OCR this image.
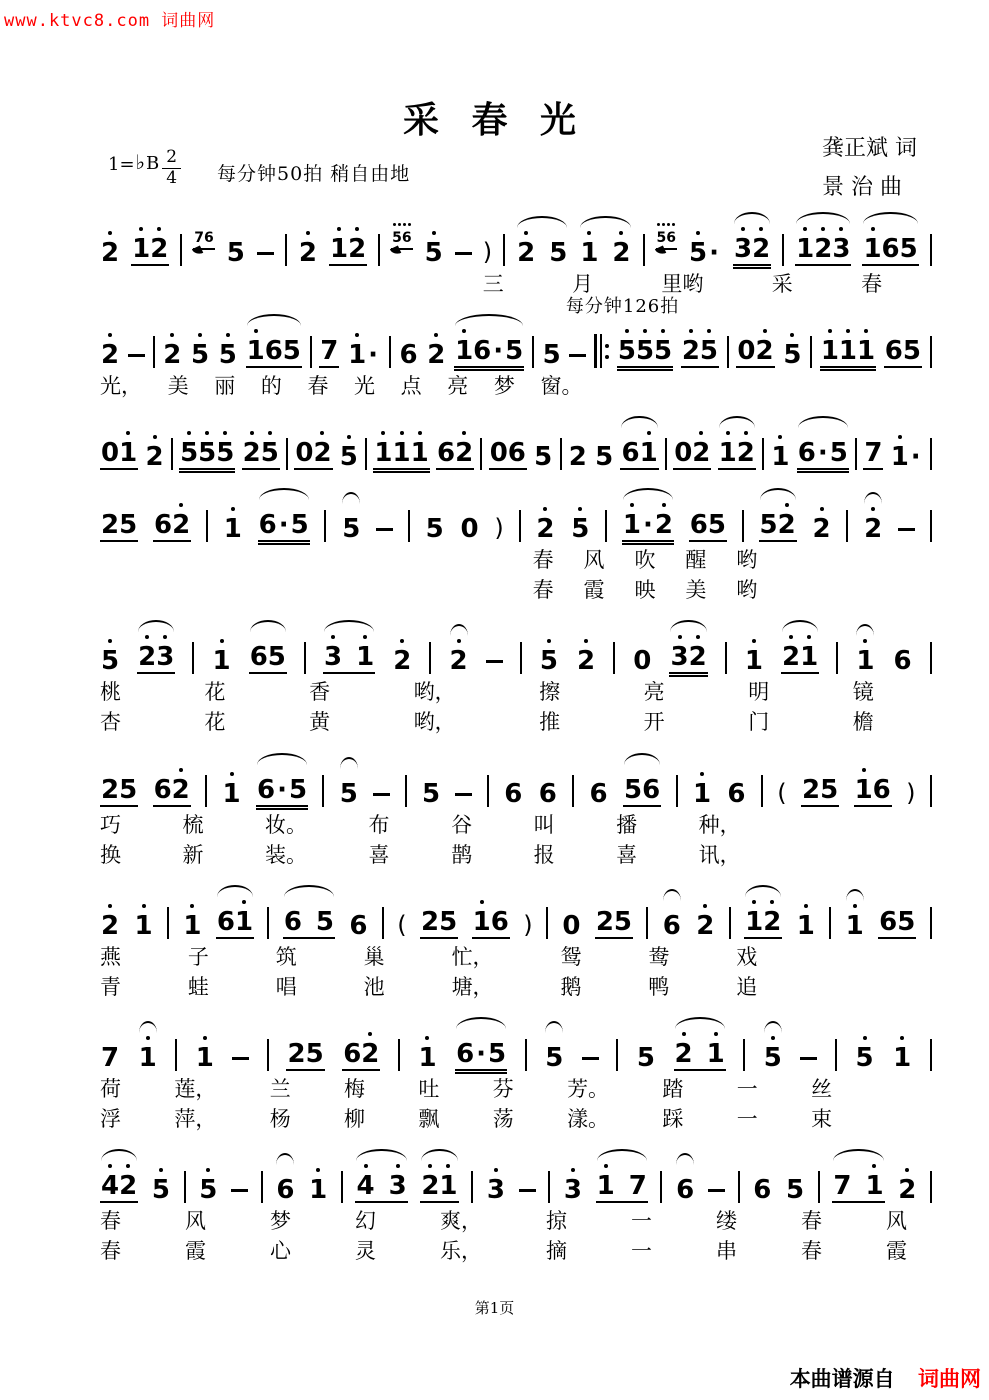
www.ktvc8.com 词曲网
采 春 光
龚正斌 词
景 治 曲
1= ♭ B $\frac{2}{4}$ 每分钟50拍 稍自由地
2 1 2 7 6 5 2 1 2 5 6 5 ) 2 5 1 2 5 6 5 · 3 2 1 2 3 1 6 5
三	月	里哟	采	春
每分钟126拍
2 2 5 5 1 6 5 7 1 · 6 2 1 6 · 5 5 5 5 5 2 5 0 2 5 1 1 1 6 5
光， 美 丽 的 春 光 点 亮 梦 窗。
0 1 2 5 5 5 2 5 0 2 5 1 1 1 6 2 0 6 5 2 5 6 1 0 2 1 2 1 6 · 5 7 1 ·
2 5 6 2 1 6 · 5 5	5 0 ) 2 5 1 · 2 6 5 5 2 2 2
春 风 吹 醒 哟
春 霞 映 美 哟
5 2 3 1 6 5 3 1 2 2	5 2 0 3 2 1 2 1 1 6
桃	花	香	哟，	擦	亮	明	镜
杏	花	黄	哟，	推	开	门	檐
2 5 6 2 1 6 · 5 5 5 6 6 6 5 6 1 6 ( 2 5 1 6 )
巧	梳	妆。	布	谷	叫	播	种，
换	新	装。	喜	鹊	报	喜	讯，
2 1 1 6 1 6 5 6 ( 2 5 1 6 ) 0 2 5 6 2 1 2 1 1 6 5
燕	子	筑	巢	忙，	鸳	鸯	戏
青	蛙	唱	池	塘，	鹅	鸭	追
7 1 1	2 5 6 2 1 6 · 5 5	5 2 1 5	5 1
荷	莲，	兰	梅	吐	芬	芳。	踏	一	丝
浮	萍，	杨	柳	飘	荡	漾。	踩	一	束
4 2 5 5 6 1 4 3 2 1 3 3 1 7 6 6 5 7 1 2
春	风	梦	幻	爽，	掠	一	缕	春	风
春	霞	心	灵	乐，	摘	一	串	春	霞
第1页
本曲谱源自 词曲网
